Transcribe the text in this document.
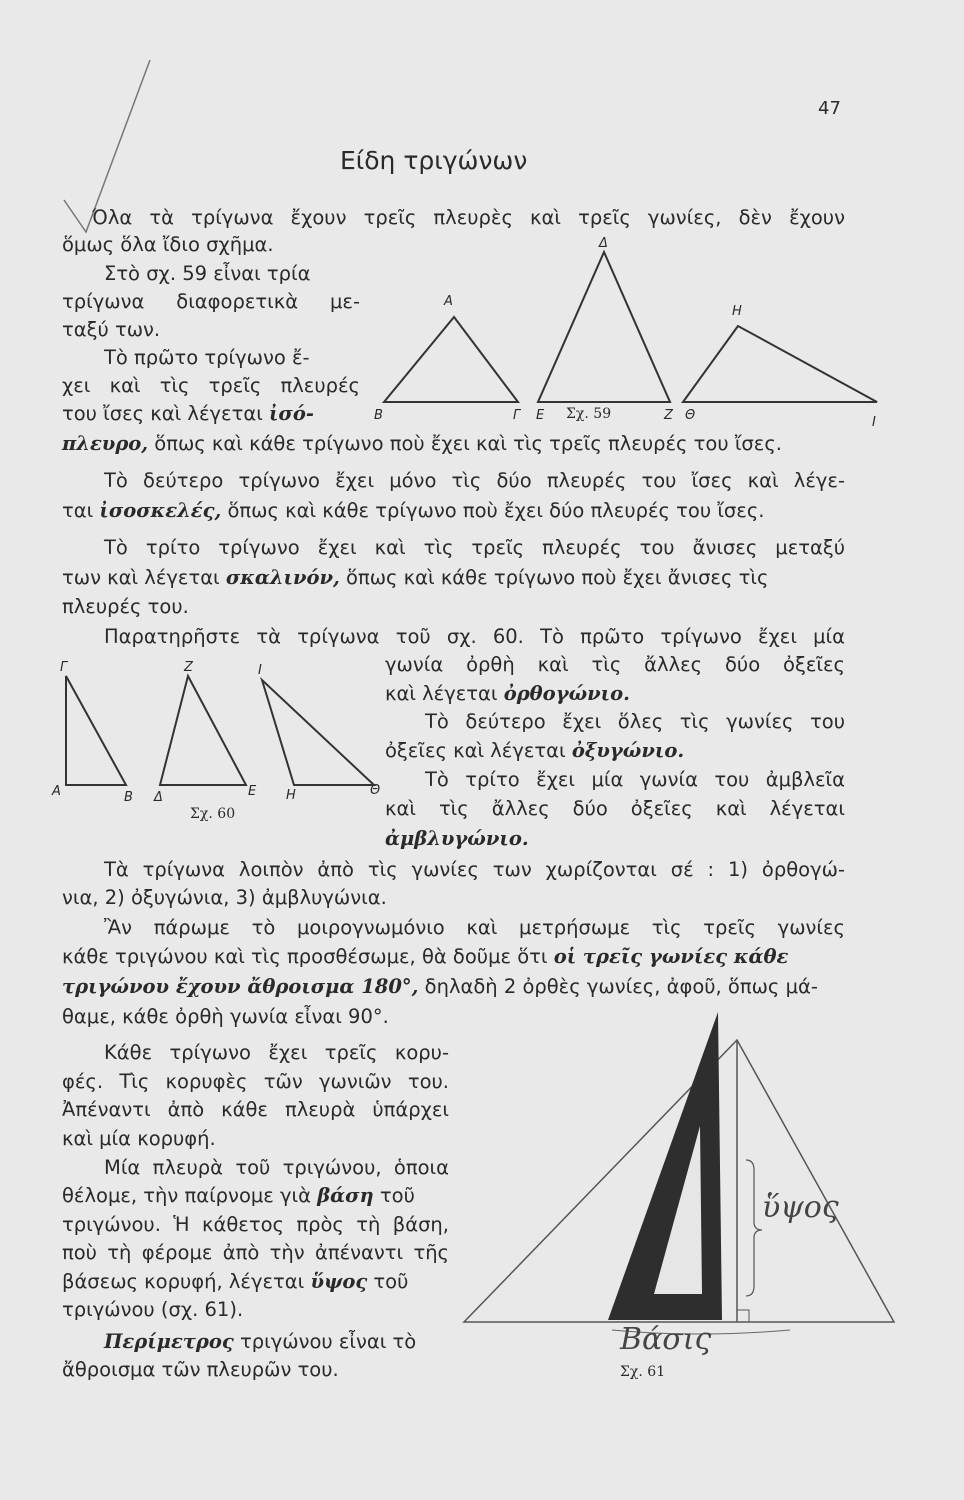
47
Είδη τριγώνων
Όλα τὰ τρίγωνα ἔχουν τρεῖς πλευρὲς καὶ τρεῖς γωνίες, δὲν ἔχουν
ὅμως ὅλα ἴδιο σχῆμα.
Στὸ σχ. 59 εἶναι τρία
τρίγωνα διαφορετικὰ με-
ταξύ των.
Τὸ πρῶτο τρίγωνο ἔ-
χει καὶ τὶς τρεῖς πλευρές
του ἴσες καὶ λέγεται ἰσό-
πλευρο, ὅπως καὶ κάθε τρίγωνο ποὺ ἔχει καὶ τὶς τρεῖς πλευρές του ἴσες.
Τὸ δεύτερο τρίγωνο ἔχει μόνο τὶς δύο πλευρές του ἴσες καὶ λέγε-
ται ἰσοσκελές, ὅπως καὶ κάθε τρίγωνο ποὺ ἔχει δύο πλευρές του ἴσες.
Τὸ τρίτο τρίγωνο ἔχει καὶ τὶς τρεῖς πλευρές του ἄνισες μεταξύ
των καὶ λέγεται σκαλινόν, ὅπως καὶ κάθε τρίγωνο ποὺ ἔχει ἄνισες τὶς
πλευρές του.
Παρατηρῆστε τὰ τρίγωνα τοῦ σχ. 60. Τὸ πρῶτο τρίγωνο ἔχει μία
γωνία ὀρθὴ καὶ τὶς ἄλλες δύο ὀξεῖες
καὶ λέγεται ὀρθογώνιο.
Τὸ δεύτερο ἔχει ὅλες τὶς γωνίες του
ὀξεῖες καὶ λέγεται ὀξυγώνιο.
Τὸ τρίτο ἔχει μία γωνία του ἀμβλεῖα
καὶ τὶς ἄλλες δύο ὀξεῖες καὶ λέγεται
ἀμβλυγώνιο.
Τὰ τρίγωνα λοιπὸν ἀπὸ τὶς γωνίες των χωρίζονται σέ : 1) ὀρθογώ-
νια, 2) ὀξυγώνια, 3) ἀμβλυγώνια.
Ἂν πάρωμε τὸ μοιρογνωμόνιο καὶ μετρήσωμε τὶς τρεῖς γωνίες
κάθε τριγώνου καὶ τὶς προσθέσωμε, θὰ δοῦμε ὅτι οἱ τρεῖς γωνίες κάθε
τριγώνου ἔχουν ἄθροισμα 180°, δηλαδὴ 2 ὀρθὲς γωνίες, ἀφοῦ, ὅπως μά-
θαμε, κάθε ὀρθὴ γωνία εἶναι 90°.
Κάθε τρίγωνο ἔχει τρεῖς κορυ-
φές. Τὶς κορυφὲς τῶν γωνιῶν του.
Ἀπέναντι ἀπὸ κάθε πλευρὰ ὑπάρχει
καὶ μία κορυφή.
Μία πλευρὰ τοῦ τριγώνου, ὁποια
θέλομε, τὴν παίρνομε γιὰ βάση τοῦ
τριγώνου. Ἡ κάθετος πρὸς τὴ βάση,
ποὺ τὴ φέρομε ἀπὸ τὴν ἀπέναντι τῆς
βάσεως κορυφή, λέγεται ὕψος τοῦ
τριγώνου (σχ. 61).
Περίμετρος τριγώνου εἶναι τὸ
ἄθροισμα τῶν πλευρῶν του.
Α
Β	Γ
Δ
Ε	Ζ
Η
Θ	Ι
Σχ. 59
Γ
Α	Β
Ζ
Δ	Ε
Ι
Η	Θ
Σχ. 60
ὕψος
Βάσις
Σχ. 61
